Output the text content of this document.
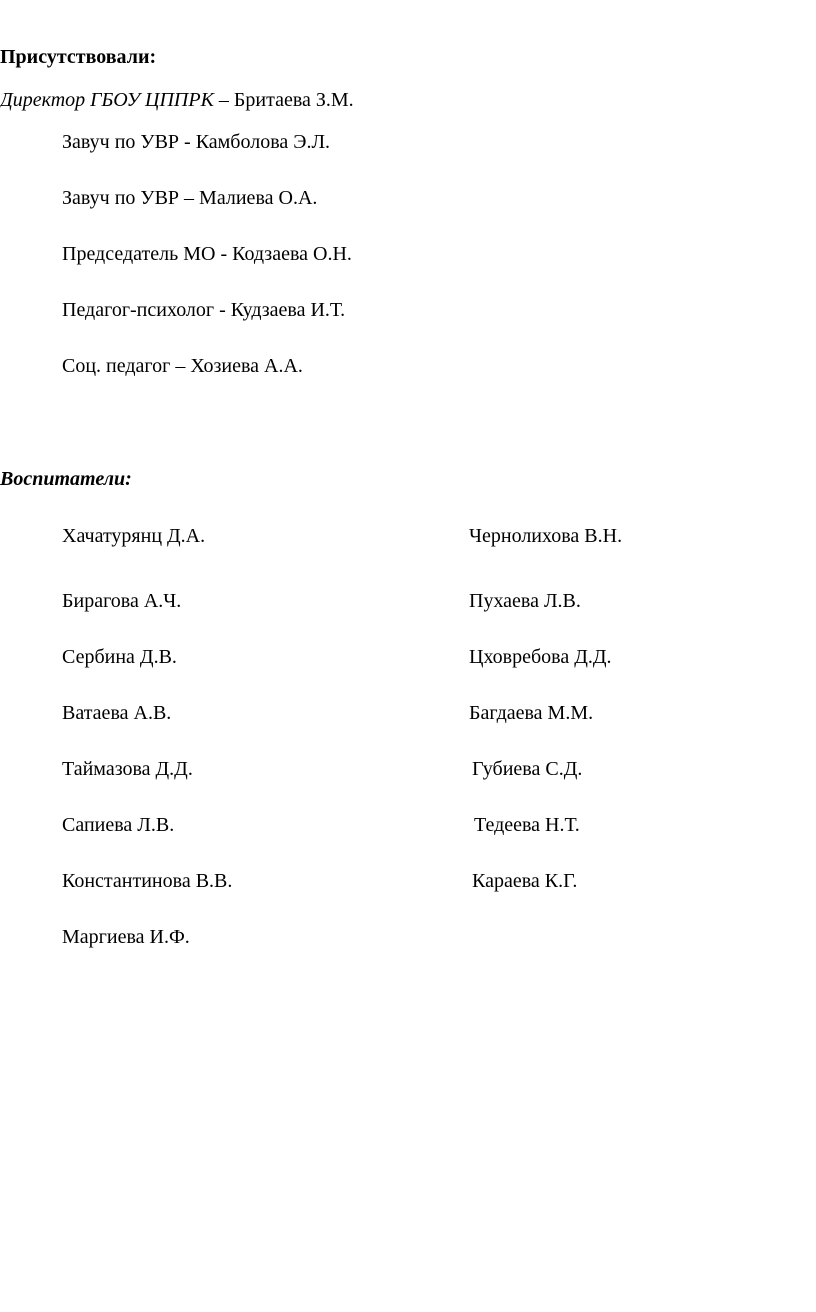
Присутствовали:
Директор ГБОУ ЦППРК – Бритаева З.М.
Завуч по УВР - Камболова Э.Л.
Завуч по УВР – Малиева О.А.
Председатель МО - Кодзаева О.Н.
Педагог-психолог - Кудзаева И.Т.
Соц. педагог – Хозиева А.А.
Воспитатели:
Хачатурянц Д.А.	Чернолихова В.Н.
Бирагова А.Ч.	Пухаева Л.В.
Сербина Д.В.	Цховребова Д.Д.
Ватаева А.В.	Багдаева М.М.
Таймазова Д.Д.	Губиева С.Д.
Сапиева Л.В.	Тедеева Н.Т.
Константинова В.В.	Караева К.Г.
Маргиева И.Ф.
